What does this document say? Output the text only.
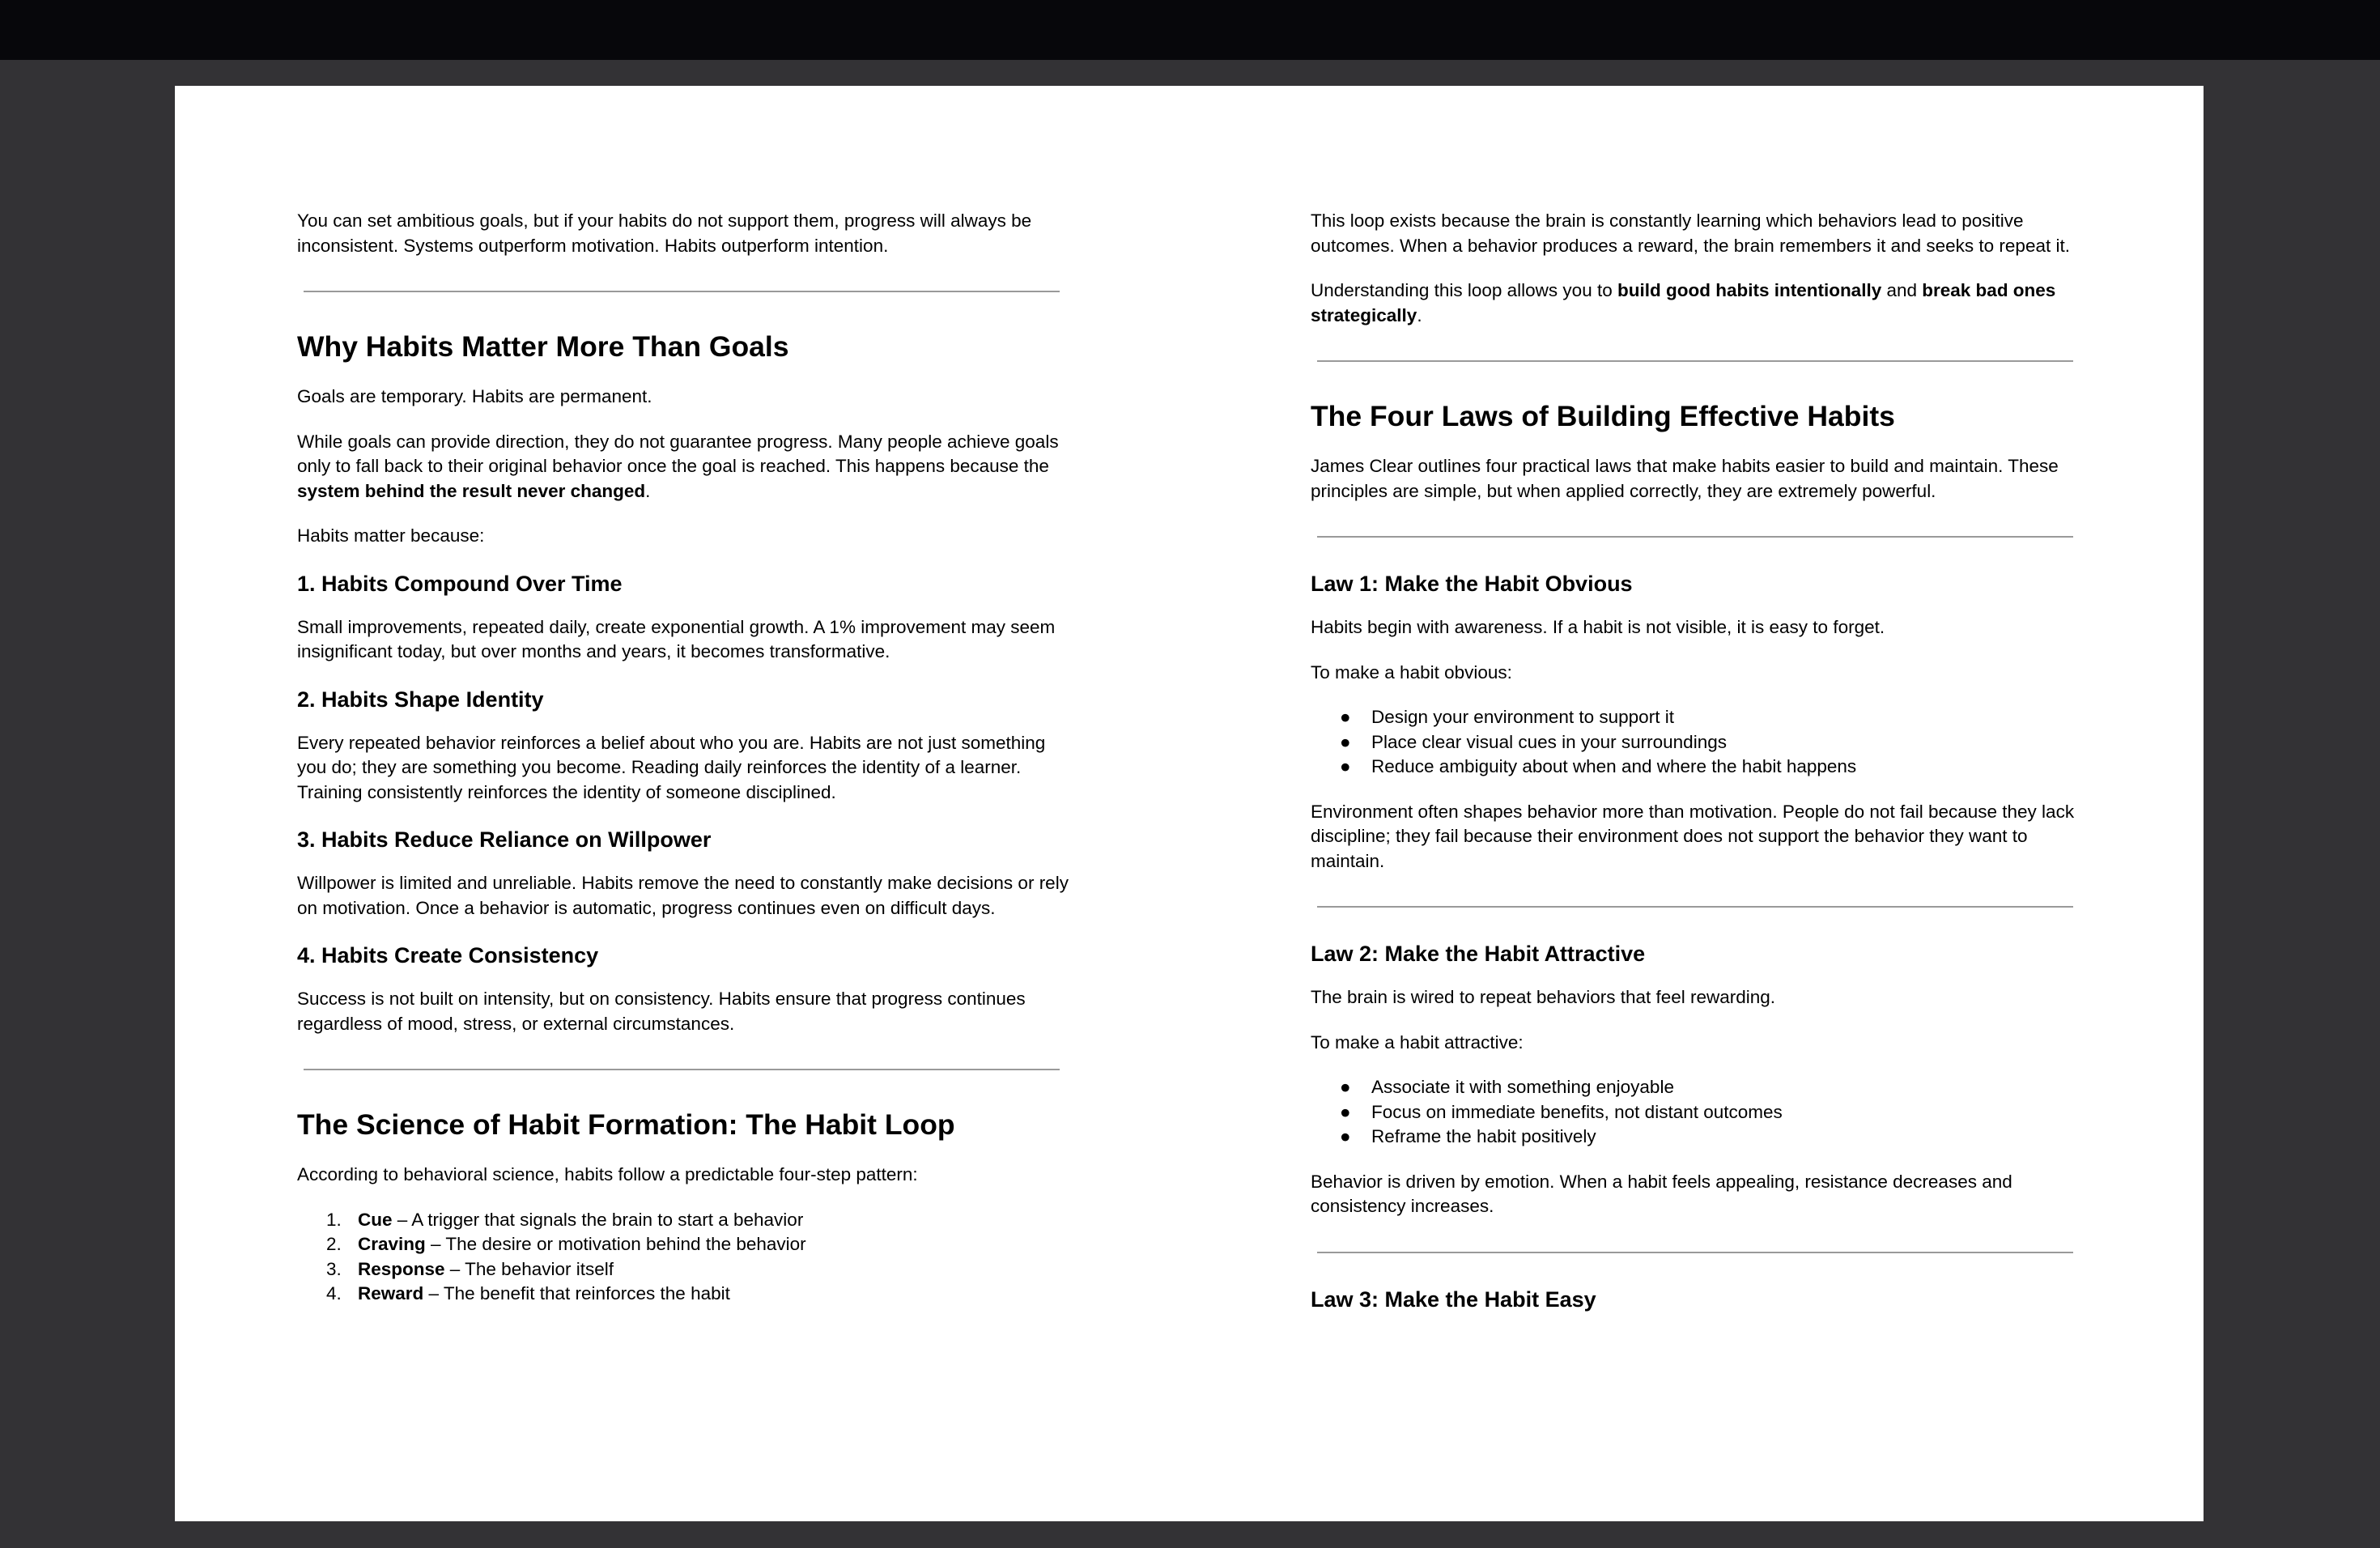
You can set ambitious goals, but if your habits do not support them, progress will always be inconsistent. Systems outperform motivation. Habits outperform intention.

Why Habits Matter More Than Goals

Goals are temporary. Habits are permanent.

While goals can provide direction, they do not guarantee progress. Many people achieve goals only to fall back to their original behavior once the goal is reached. This happens because the system behind the result never changed.

Habits matter because:

1. Habits Compound Over Time

Small improvements, repeated daily, create exponential growth. A 1% improvement may seem insignificant today, but over months and years, it becomes transformative.

2. Habits Shape Identity

Every repeated behavior reinforces a belief about who you are. Habits are not just something you do; they are something you become. Reading daily reinforces the identity of a learner. Training consistently reinforces the identity of someone disciplined.

3. Habits Reduce Reliance on Willpower

Willpower is limited and unreliable. Habits remove the need to constantly make decisions or rely on motivation. Once a behavior is automatic, progress continues even on difficult days.

4. Habits Create Consistency

Success is not built on intensity, but on consistency. Habits ensure that progress continues regardless of mood, stress, or external circumstances.

The Science of Habit Formation: The Habit Loop

According to behavioral science, habits follow a predictable four-step pattern:

1. Cue – A trigger that signals the brain to start a behavior
2. Craving – The desire or motivation behind the behavior
3. Response – The behavior itself
4. Reward – The benefit that reinforces the habit

This loop exists because the brain is constantly learning which behaviors lead to positive outcomes. When a behavior produces a reward, the brain remembers it and seeks to repeat it.

Understanding this loop allows you to build good habits intentionally and break bad ones strategically.

The Four Laws of Building Effective Habits

James Clear outlines four practical laws that make habits easier to build and maintain. These principles are simple, but when applied correctly, they are extremely powerful.

Law 1: Make the Habit Obvious

Habits begin with awareness. If a habit is not visible, it is easy to forget.

To make a habit obvious:

● Design your environment to support it
● Place clear visual cues in your surroundings
● Reduce ambiguity about when and where the habit happens

Environment often shapes behavior more than motivation. People do not fail because they lack discipline; they fail because their environment does not support the behavior they want to maintain.

Law 2: Make the Habit Attractive

The brain is wired to repeat behaviors that feel rewarding.

To make a habit attractive:

● Associate it with something enjoyable
● Focus on immediate benefits, not distant outcomes
● Reframe the habit positively

Behavior is driven by emotion. When a habit feels appealing, resistance decreases and consistency increases.

Law 3: Make the Habit Easy
